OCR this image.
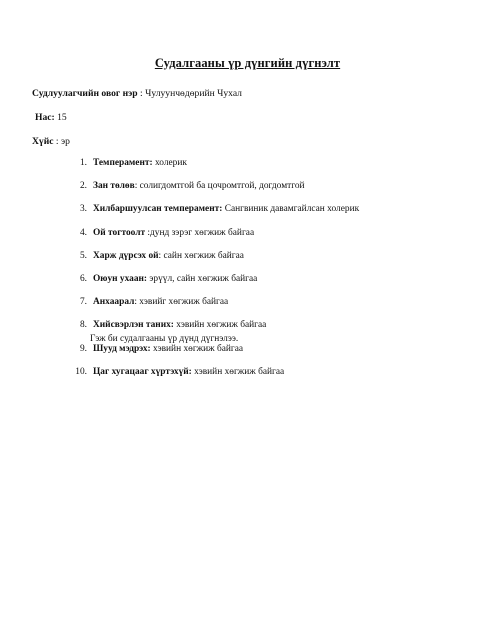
Судалгааны үр дүнгийн дүгнэлт
Судлуулагчийн овог нэр : Чулуунчөдөрийн Чухал
Нас: 15
Хүйс : эр
1. Темперамент: холерик
2. Зан төлөв: солигдомтгой ба цочромтгой, догдомтгой
3. Хилбаршуулсан темперамент: Сангвиник давамгайлсан холерик
4. Ой тогтоолт :дунд зэрэг хөгжиж байгаа
5. Харж дүрсэх ой: сайн хөгжиж байгаа
6. Оюун ухаан: эрүүл, сайн хөгжиж байгаа
7. Анхаарал: хэвийг хөгжиж байгаа
8. Хийсвэрлэн таних: хэвийн хөгжиж байгаа
9. Шууд мэдрэх: хэвийн хөгжиж байгаа
10. Цаг хугацааг хүртэхүй: хэвийн хөгжиж байгаа
Гэж би судалгааны үр дүнд дүгнэлээ.
